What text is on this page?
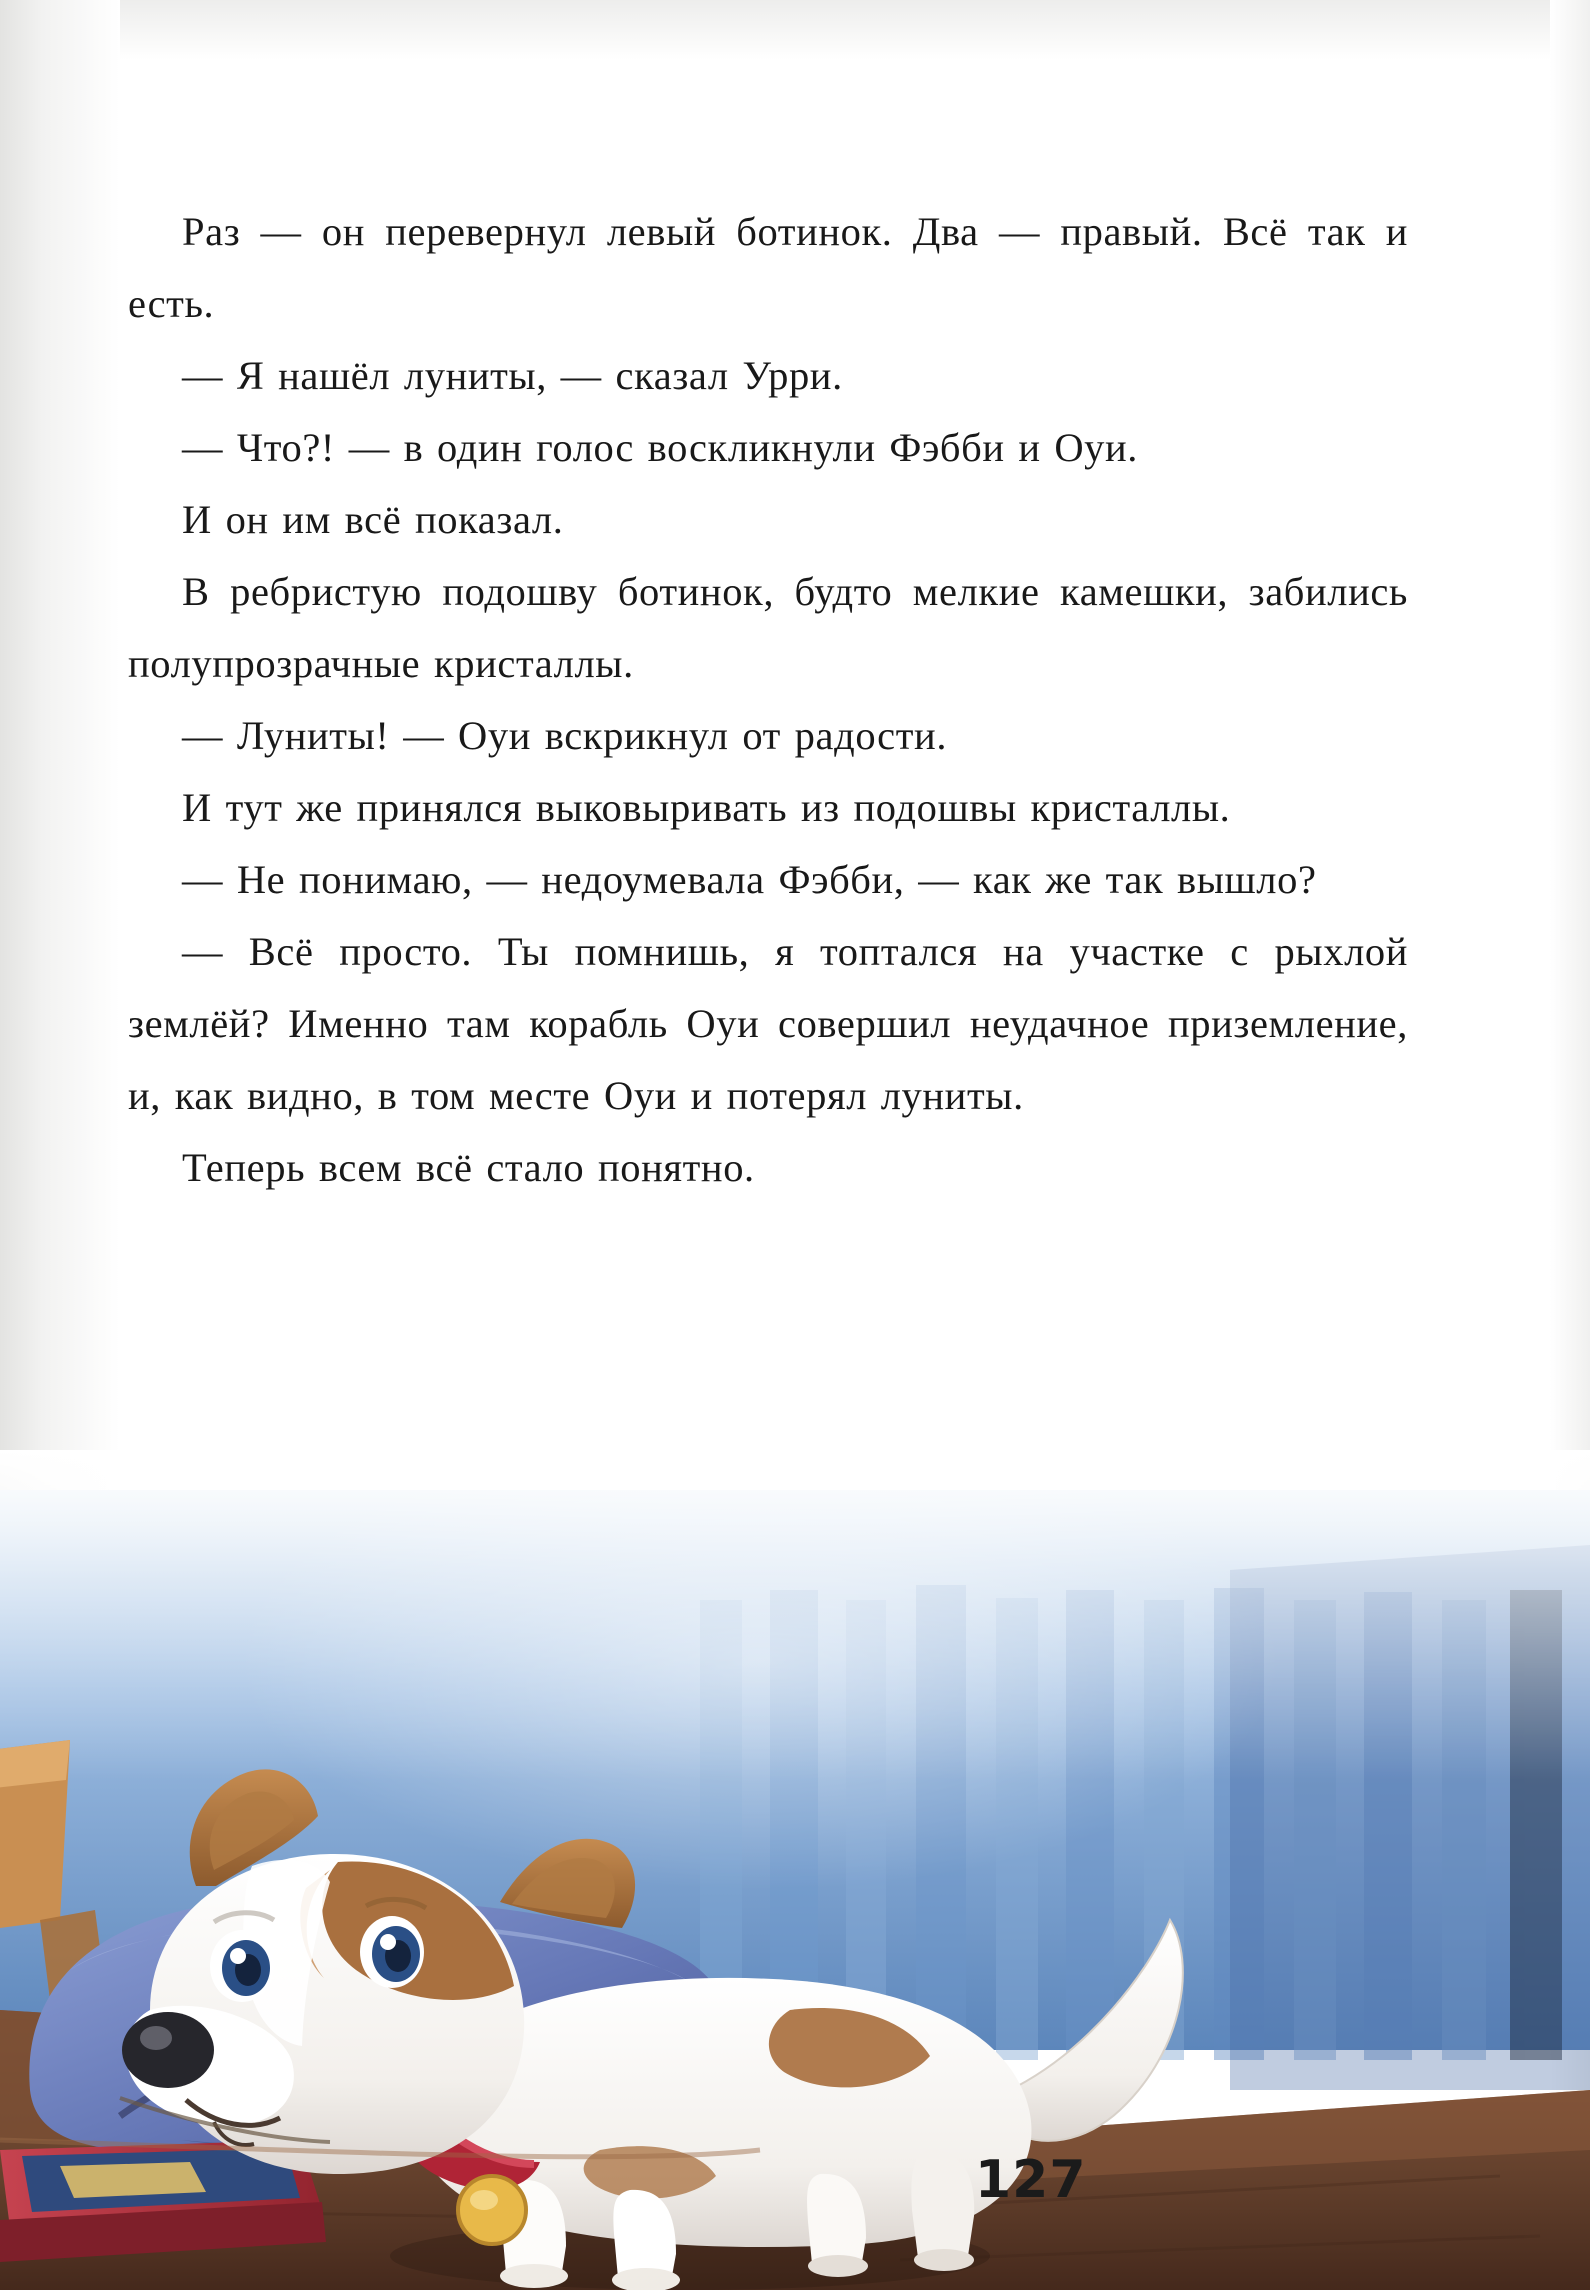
Раз — он перевернул левый ботинок. Два — правый. Всё так и есть.

— Я нашёл луниты, — сказал Урри.

— Что?! — в один голос воскликнули Фэбби и Оуи.

И он им всё показал.

В ребристую подошву ботинок, будто мелкие камешки, забились полупрозрачные кристаллы.

— Луниты! — Оуи вскрикнул от радости.

И тут же принялся выковыривать из подошвы кристаллы.

— Не понимаю, — недоумевала Фэбби, — как же так вышло?

— Всё просто. Ты помнишь, я топтался на участке с рыхлой землёй? Именно там корабль Оуи совершил неудачное приземление, и, как видно, в том месте Оуи и потерял луниты.

Теперь всем всё стало понятно.

127
